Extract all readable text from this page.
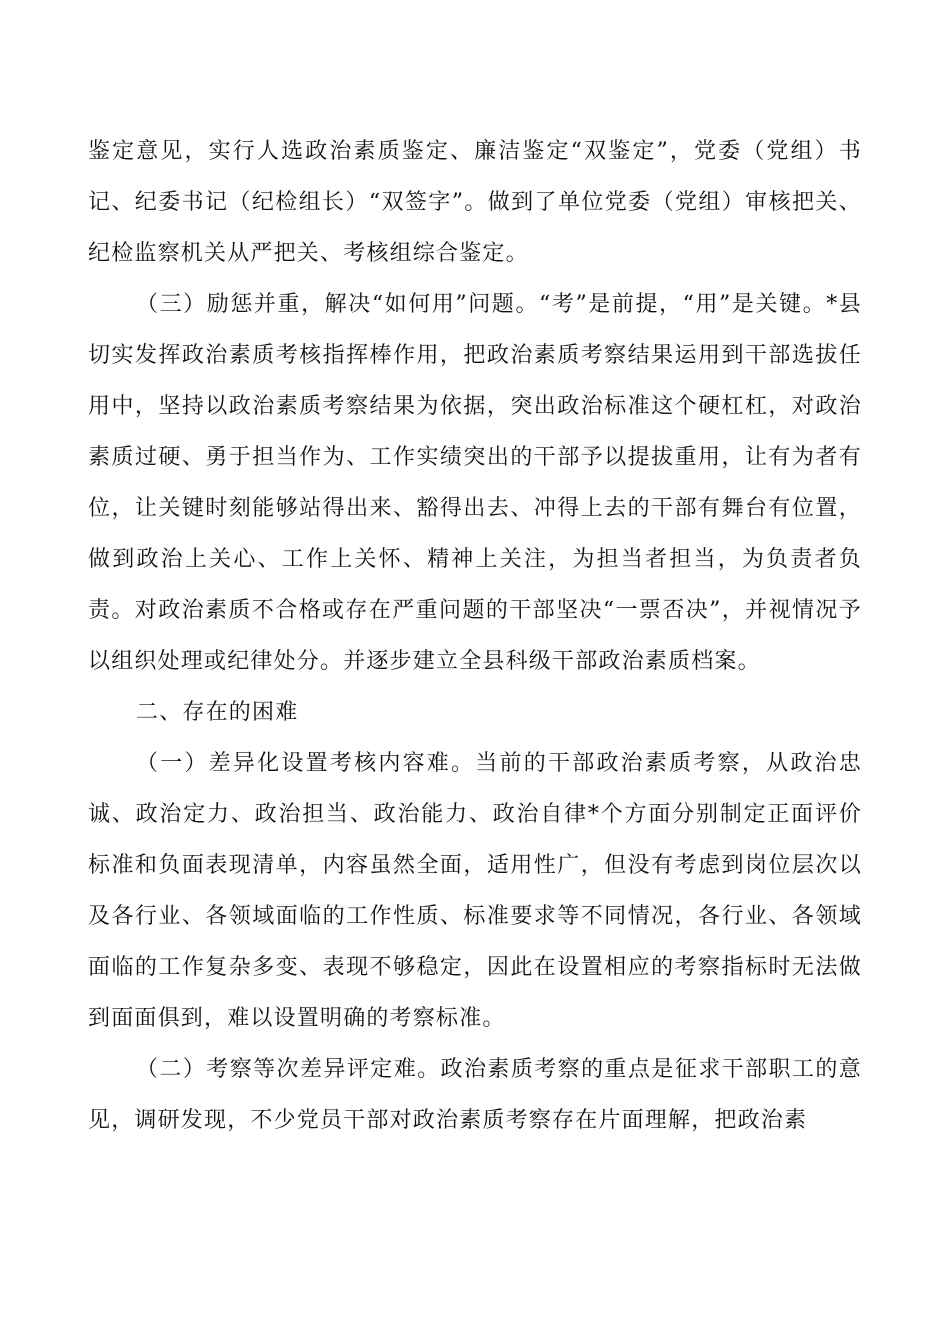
鉴定意见，实行人选政治素质鉴定、廉洁鉴定“双鉴定”，党委（党组）书记、纪委书记（纪检组长）“双签字”。做到了单位党委（党组）审核把关、纪检监察机关从严把关、考核组综合鉴定。

（三）励惩并重，解决“如何用”问题。“考”是前提，“用”是关键。*县切实发挥政治素质考核指挥棒作用，把政治素质考察结果运用到干部选拔任用中，坚持以政治素质考察结果为依据，突出政治标准这个硬杠杠，对政治素质过硬、勇于担当作为、工作实绩突出的干部予以提拔重用，让有为者有位，让关键时刻能够站得出来、豁得出去、冲得上去的干部有舞台有位置，做到政治上关心、工作上关怀、精神上关注，为担当者担当，为负责者负责。对政治素质不合格或存在严重问题的干部坚决“一票否决”，并视情况予以组织处理或纪律处分。并逐步建立全县科级干部政治素质档案。

二、存在的困难

（一）差异化设置考核内容难。当前的干部政治素质考察，从政治忠诚、政治定力、政治担当、政治能力、政治自律*个方面分别制定正面评价标准和负面表现清单，内容虽然全面，适用性广，但没有考虑到岗位层次以及各行业、各领域面临的工作性质、标准要求等不同情况，各行业、各领域面临的工作复杂多变、表现不够稳定，因此在设置相应的考察指标时无法做到面面俱到，难以设置明确的考察标准。

（二）考察等次差异评定难。政治素质考察的重点是征求干部职工的意见，调研发现，不少党员干部对政治素质考察存在片面理解，把政治素
